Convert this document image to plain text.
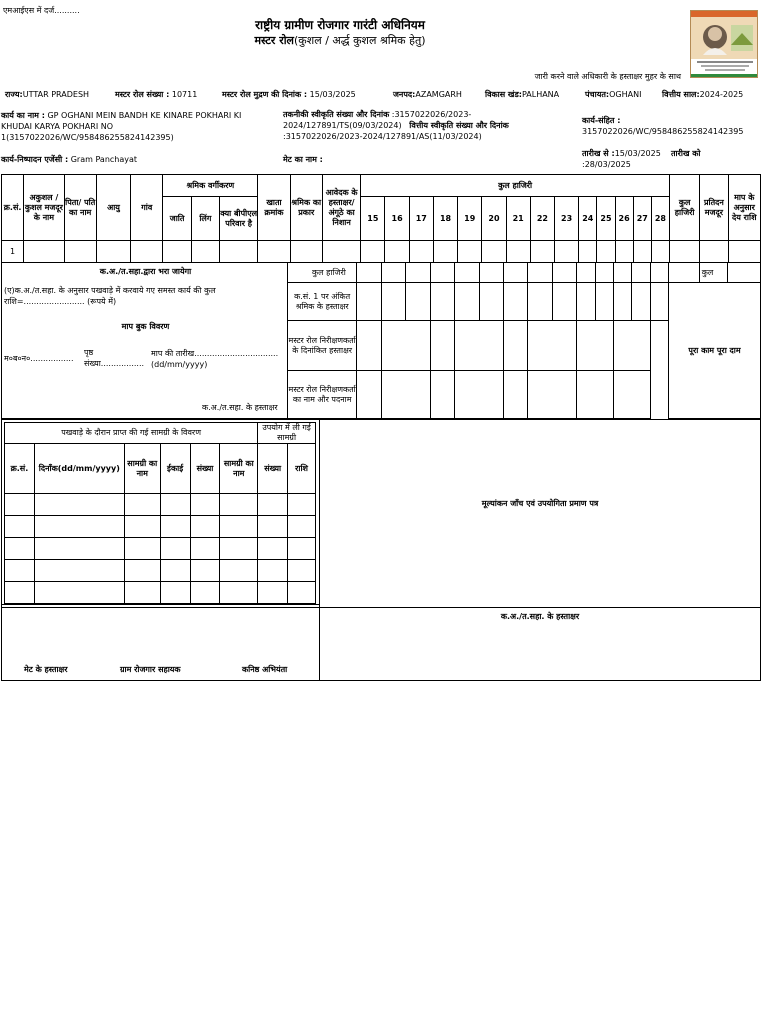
एमआईएस में दर्ज..........
राष्ट्रीय ग्रामीण रोजगार गारंटी अधिनियम
मस्टर रोल(कुशल / अर्द्ध कुशल श्रमिक हेतु)
जारी करने वाले अधिकारी के हस्ताक्षर मुहर के साथ
राज्य:UTTAR PRADESH	मस्टर रोल संख्या : 10711	मस्टर रोल मुद्रण की दिनांक : 15/03/2025	जनपद:AZAMGARH	विकास खंड:PALHANA	पंचायत:OGHANI	वित्तीय साल:2024-2025
कार्य का नाम : GP OGHANI MEIN BANDH KE KINARE POKHARI KI
KHUDAI KARYA POKHARI NO
1(3157022026/WC/958486255824142395)
तकनीकी स्वीकृति संख्या और दिनांक :3157022026/2023-
2024/127891/TS(09/03/2024) वित्तीय स्वीकृति संख्या और दिनांक
:3157022026/2023-2024/127891/AS(11/03/2024)
कार्य-संहित :
3157022026/WC/958486255824142395
कार्य-निष्पादन एजेंसी : Gram Panchayat	मेट का नाम :
तारीख से :15/03/2025 तारीख को
:28/03/2025
क्र.सं.	अकुशल / कुशल मजदूर के नाम	पिता/ पति का नाम	आयु	गांव	श्रमिक वर्गीकरण			खाता क्रमांक	श्रमिक का प्रकार	आवेदक के हस्ताक्षर/ अंगूठे का निशान	कुल हाजिरी														कुल हाजिरी	प्रतिदन मजदूर	माप के अनुसार देय राशि
					जाति	लिंग	क्या बीपीएल परिवार है				15	16	17	18	19	20	21	22	23	24	25	26	27	28			
1																											
क.अ./त.सहा.द्वारा भरा जायेगा
(ए)क.अ./त.सहा. के अनुसार पखवाड़े में करवाये गए समस्त कार्य की कुल
राशि=........................ (रूपये में)
माप बुक विवरण
म०ब०न०.................
पृष्ठ
संख्या.................
माप की तारीख.................................
(dd/mm/yyyy)
क.अ./त.सहा. के हस्ताक्षर
कुल हाजिरी																कुल	
क.सं. 1 पर अंकित श्रमिक के हस्ताक्षर															पूरा काम पूरा दाम		
मस्टर रोल निरीक्षणकर्ता के दिनांकित हस्ताक्षर																	
मस्टर रोल निरीक्षणकर्ता का नाम और पदनाम																	
मूल्यांकन जाँच एवं उपयोगिता प्रमाण पत्र
पखवाड़े के दौरान प्राप्त की गई सामग्री के विवरण						उपयोग में ली गई सामग्री	
क्र.सं.	दिनाँक(dd/mm/yyyy)	सामग्री का नाम	ईकाई	संख्या	सामग्री का नाम	संख्या	राशि

क.अ./त.सहा. के हस्ताक्षर
मेट के हस्ताक्षर	ग्राम रोजगार सहायक	कनिष्ठ अभियंता
